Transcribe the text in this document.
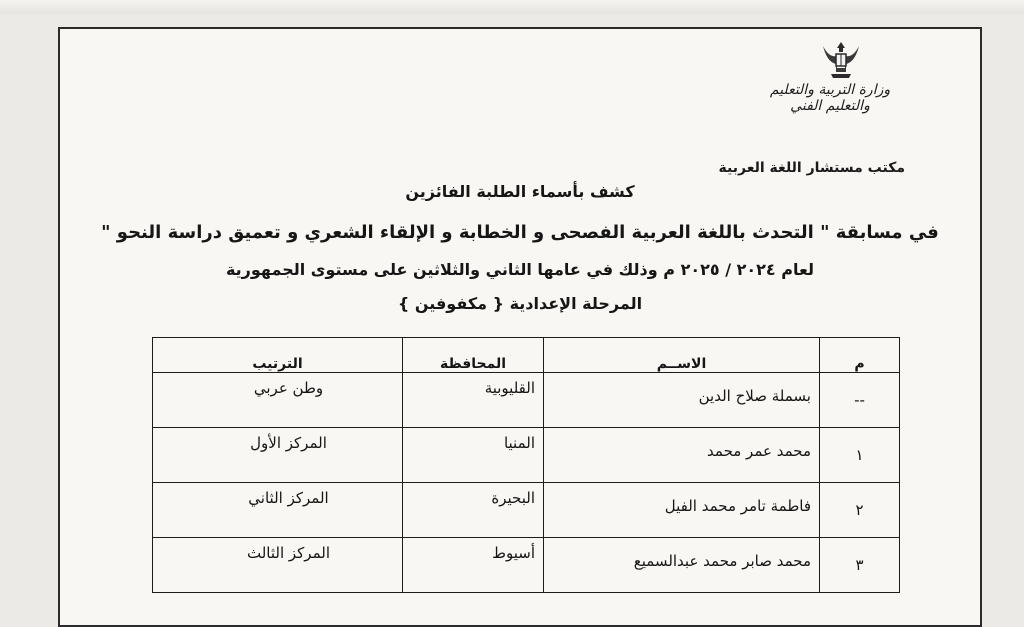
وزارة التربية والتعليم
والتعليم الفني
مكتب مستشار اللغة العربية
كشف بأسماء الطلبة الفائزين
في مسابقة " التحدث باللغة العربية الفصحى و الخطابة و الإلقاء الشعري و تعميق دراسة النحو "
لعام ٢٠٢٤ / ٢٠٢٥ م وذلك في عامها الثاني والثلاثين على مستوى الجمهورية
المرحلة الإعدادية { مكفوفين }
م	الاســم	المحافظة	الترتيب

--	بسملة صلاح الدين	القليوبية	وطن عربي

١	محمد عمر محمد	المنيا	المركز الأول

٢	فاطمة تامر محمد الفيل	البحيرة	المركز الثاني

٣	محمد صابر محمد عبدالسميع	أسيوط	المركز الثالث
